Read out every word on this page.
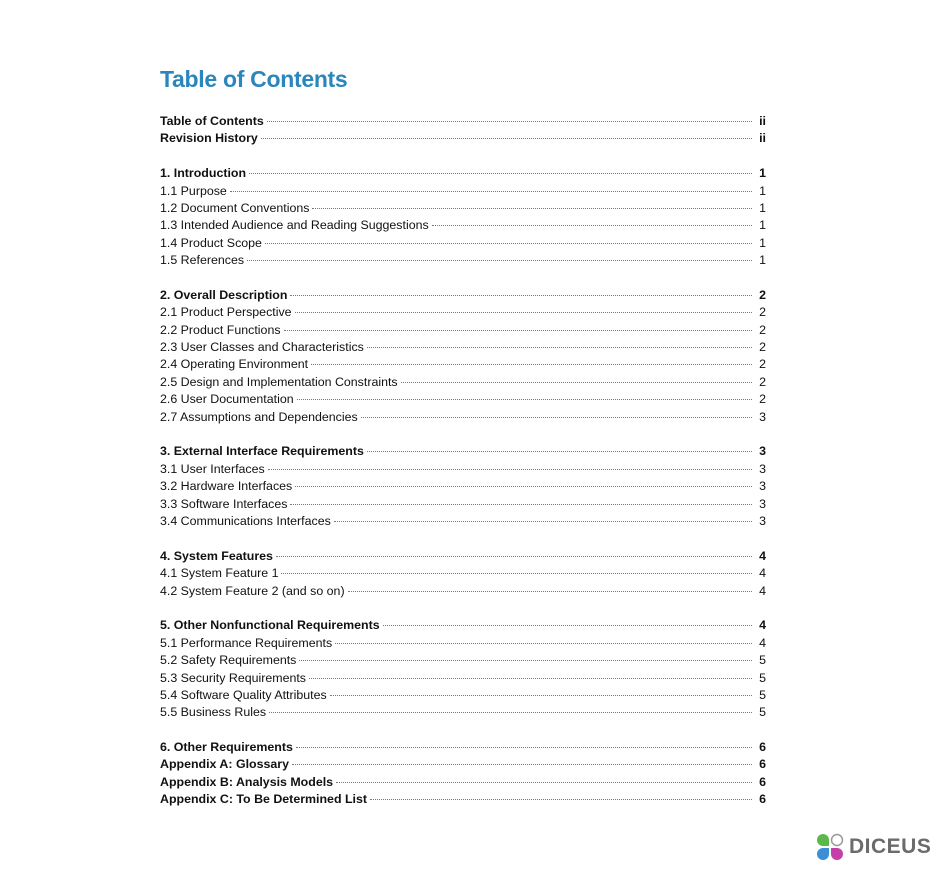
Table of Contents
Table of Contents	ii
Revision History	ii
1. Introduction	1
1.1 Purpose	1
1.2 Document Conventions	1
1.3 Intended Audience and Reading Suggestions	1
1.4 Product Scope	1
1.5 References	1
2. Overall Description	2
2.1 Product Perspective	2
2.2 Product Functions	2
2.3 User Classes and Characteristics	2
2.4 Operating Environment	2
2.5 Design and Implementation Constraints	2
2.6 User Documentation	2
2.7 Assumptions and Dependencies	3
3. External Interface Requirements	3
3.1 User Interfaces	3
3.2 Hardware Interfaces	3
3.3 Software Interfaces	3
3.4 Communications Interfaces	3
4. System Features	4
4.1 System Feature 1	4
4.2 System Feature 2 (and so on)	4
5. Other Nonfunctional Requirements	4
5.1 Performance Requirements	4
5.2 Safety Requirements	5
5.3 Security Requirements	5
5.4 Software Quality Attributes	5
5.5 Business Rules	5
6. Other Requirements	6
Appendix A: Glossary	6
Appendix B: Analysis Models	6
Appendix C: To Be Determined List	6
DICEUS
